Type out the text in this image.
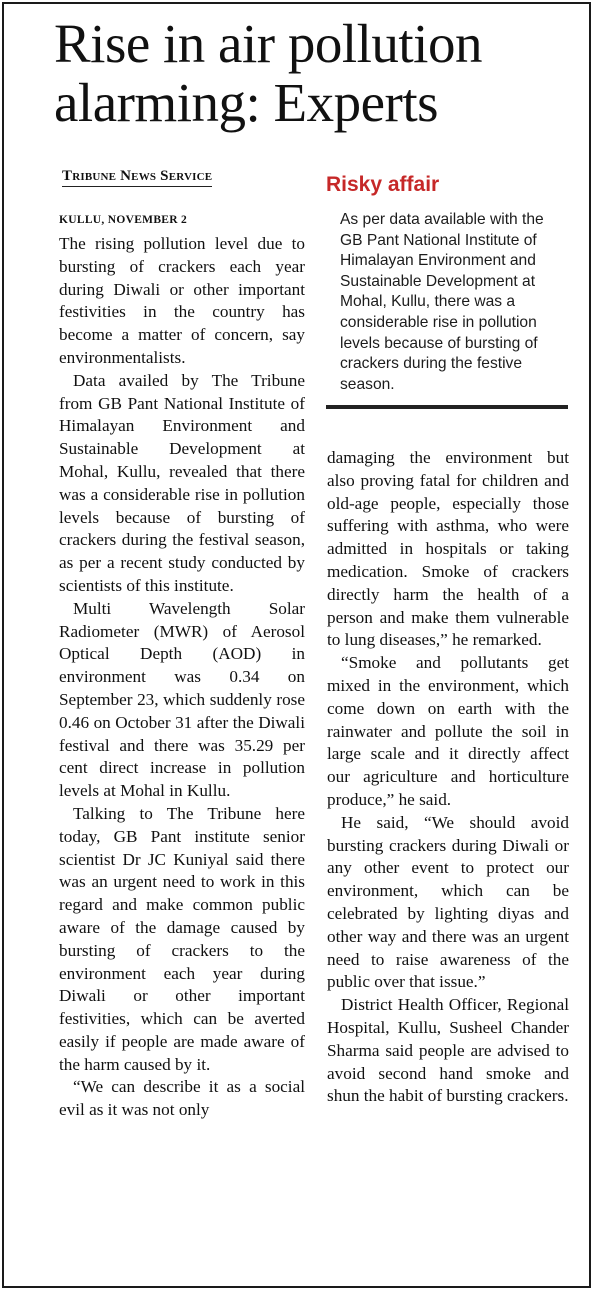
Rise in air pollution alarming: Experts
Tribune News Service
KULLU, NOVEMBER 2

The rising pollution level due to bursting of crackers each year during Diwali or other important festivities in the country has become a matter of concern, say environmentalists.

Data availed by The Tribune from GB Pant National Institute of Himalayan Environment and Sustainable Development at Mohal, Kullu, revealed that there was a considerable rise in pollution levels because of bursting of crackers during the festival season, as per a recent study conducted by scientists of this institute.

Multi Wavelength Solar Radiometer (MWR) of Aerosol Optical Depth (AOD) in environment was 0.34 on September 23, which suddenly rose 0.46 on October 31 after the Diwali festival and there was 35.29 per cent direct increase in pollution levels at Mohal in Kullu.

Talking to The Tribune here today, GB Pant institute senior scientist Dr JC Kuniyal said there was an urgent need to work in this regard and make common public aware of the damage caused by bursting of crackers to the environment each year during Diwali or other important festivities, which can be averted easily if people are made aware of the harm caused by it.

“We can describe it as a social evil as it was not only

Risky affair

As per data available with the GB Pant National Institute of Himalayan Environment and Sustainable Development at Mohal, Kullu, there was a considerable rise in pollution levels because of bursting of crackers during the festive season.

damaging the environment but also proving fatal for children and old-age people, especially those suffering with asthma, who were admitted in hospitals or taking medication. Smoke of crackers directly harm the health of a person and make them vulnerable to lung diseases,” he remarked.

“Smoke and pollutants get mixed in the environment, which come down on earth with the rainwater and pollute the soil in large scale and it directly affect our agriculture and horticulture produce,” he said.

He said, “We should avoid bursting crackers during Diwali or any other event to protect our environment, which can be celebrated by lighting diyas and other way and there was an urgent need to raise awareness of the public over that issue.”

District Health Officer, Regional Hospital, Kullu, Susheel Chander Sharma said people are advised to avoid second hand smoke and shun the habit of bursting crackers.
